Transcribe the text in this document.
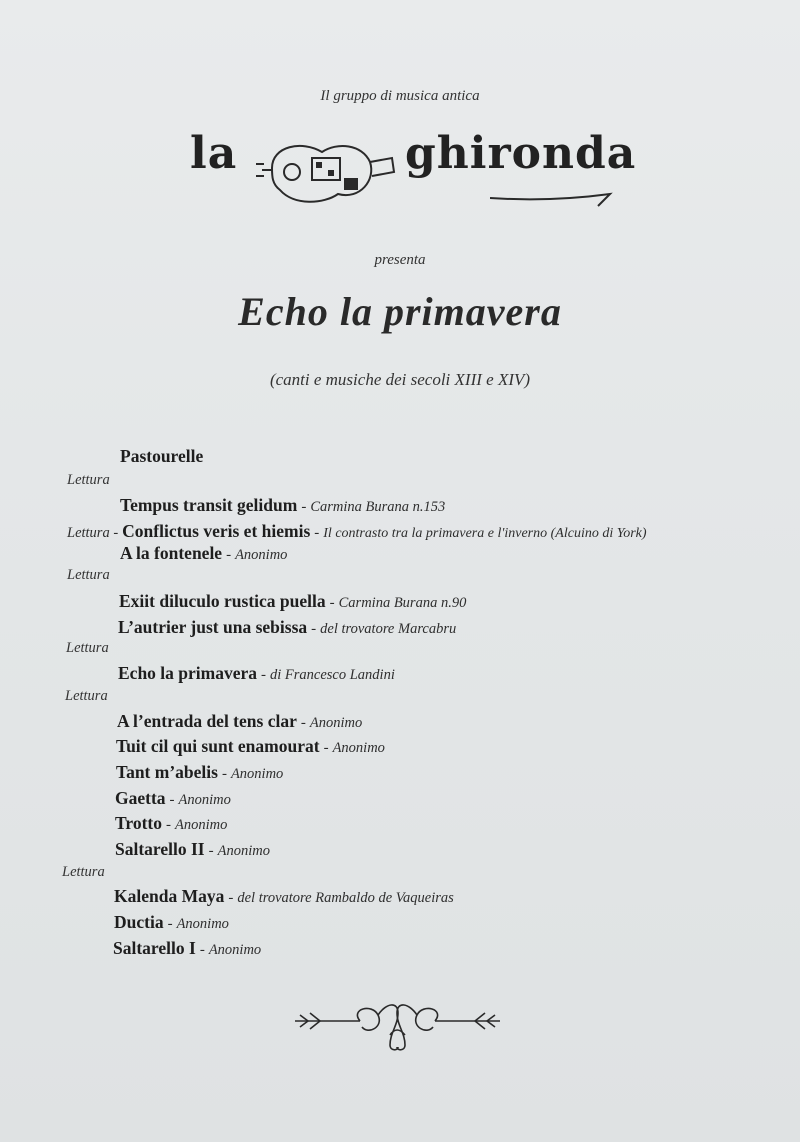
Il gruppo di musica antica
la	ghironda
presenta
Echo la primavera
(canti e musiche dei secoli XIII e XIV)
Pastourelle
Lettura
Tempus transit gelidum - Carmina Burana n.153
Lettura - Conflictus veris et hiemis - Il contrasto tra la primavera e l'inverno (Alcuino di York)
A la fontenele - Anonimo
Lettura
Exiit diluculo rustica puella - Carmina Burana n.90
L’autrier just una sebissa - del trovatore Marcabru
Lettura
Echo la primavera - di Francesco Landini
Lettura
A l’entrada del tens clar - Anonimo
Tuit cil qui sunt enamourat - Anonimo
Tant m’abelis - Anonimo
Gaetta - Anonimo
Trotto - Anonimo
Saltarello II - Anonimo
Lettura
Kalenda Maya - del trovatore Rambaldo de Vaqueiras
Ductia - Anonimo
Saltarello I - Anonimo
